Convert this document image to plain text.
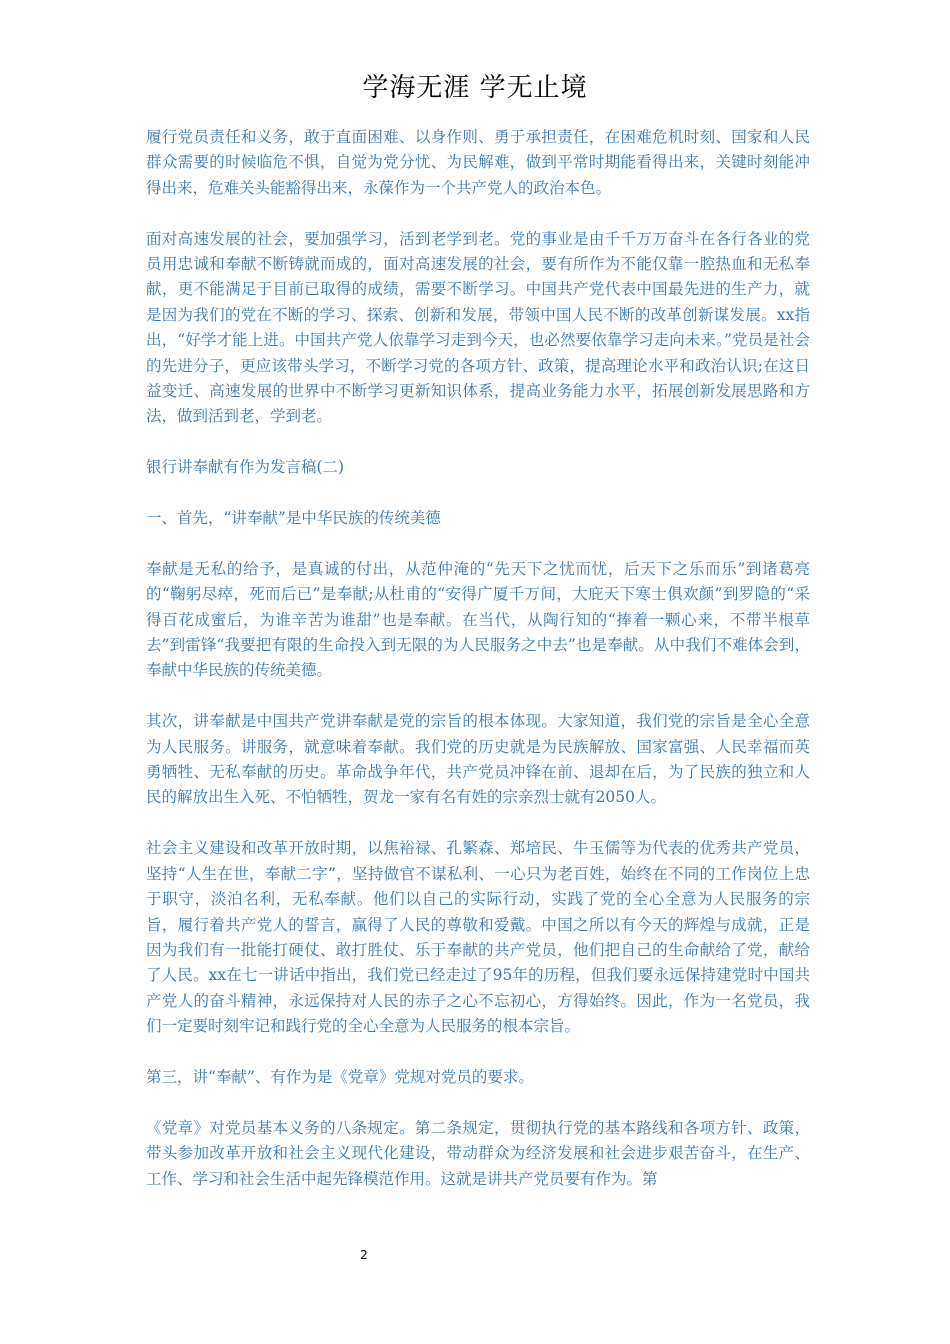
学海无涯 学无止境

履行党员责任和义务，敢于直面困难、以身作则、勇于承担责任，在困难危机时刻、国家和人民群众需要的时候临危不惧，自觉为党分忧、为民解难，做到平常时期能看得出来，关键时刻能冲得出来，危难关头能豁得出来，永葆作为一个共产党人的政治本色。

面对高速发展的社会，要加强学习，活到老学到老。党的事业是由千千万万奋斗在各行各业的党员用忠诚和奉献不断铸就而成的，面对高速发展的社会，要有所作为不能仅靠一腔热血和无私奉献，更不能满足于目前已取得的成绩，需要不断学习。中国共产党代表中国最先进的生产力，就是因为我们的党在不断的学习、探索、创新和发展，带领中国人民不断的改革创新谋发展。xx指出，“好学才能上进。中国共产党人依靠学习走到今天，也必然要依靠学习走向未来。”党员是社会的先进分子，更应该带头学习，不断学习党的各项方针、政策，提高理论水平和政治认识;在这日益变迁、高速发展的世界中不断学习更新知识体系，提高业务能力水平，拓展创新发展思路和方法，做到活到老，学到老。

银行讲奉献有作为发言稿(二)

一、首先，“讲奉献”是中华民族的传统美德

奉献是无私的给予，是真诚的付出，从范仲淹的“先天下之忧而忧，后天下之乐而乐”到诸葛亮的“鞠躬尽瘁，死而后已”是奉献;从杜甫的“安得广厦千万间，大庇天下寒士俱欢颜”到罗隐的“采得百花成蜜后，为谁辛苦为谁甜”也是奉献。在当代，从陶行知的“捧着一颗心来，不带半根草去”到雷锋“我要把有限的生命投入到无限的为人民服务之中去”也是奉献。从中我们不难体会到，奉献中华民族的传统美德。

其次，讲奉献是中国共产党讲奉献是党的宗旨的根本体现。大家知道，我们党的宗旨是全心全意为人民服务。讲服务，就意味着奉献。我们党的历史就是为民族解放、国家富强、人民幸福而英勇牺牲、无私奉献的历史。革命战争年代，共产党员冲锋在前、退却在后，为了民族的独立和人民的解放出生入死、不怕牺牲，贺龙一家有名有姓的宗亲烈士就有2050人。

社会主义建设和改革开放时期，以焦裕禄、孔繁森、郑培民、牛玉儒等为代表的优秀共产党员，坚持“人生在世，奉献二字”，坚持做官不谋私利、一心只为老百姓，始终在不同的工作岗位上忠于职守，淡泊名利，无私奉献。他们以自己的实际行动，实践了党的全心全意为人民服务的宗旨，履行着共产党人的誓言，赢得了人民的尊敬和爱戴。中国之所以有今天的辉煌与成就，正是因为我们有一批能打硬仗、敢打胜仗、乐于奉献的共产党员，他们把自己的生命献给了党，献给了人民。xx在七一讲话中指出，我们党已经走过了95年的历程，但我们要永远保持建党时中国共产党人的奋斗精神，永远保持对人民的赤子之心不忘初心，方得始终。因此，作为一名党员，我们一定要时刻牢记和践行党的全心全意为人民服务的根本宗旨。

第三，讲“奉献”、有作为是《党章》党规对党员的要求。

《党章》对党员基本义务的八条规定。第二条规定，贯彻执行党的基本路线和各项方针、政策，带头参加改革开放和社会主义现代化建设，带动群众为经济发展和社会进步艰苦奋斗，在生产、工作、学习和社会生活中起先锋模范作用。这就是讲共产党员要有作为。第

2
